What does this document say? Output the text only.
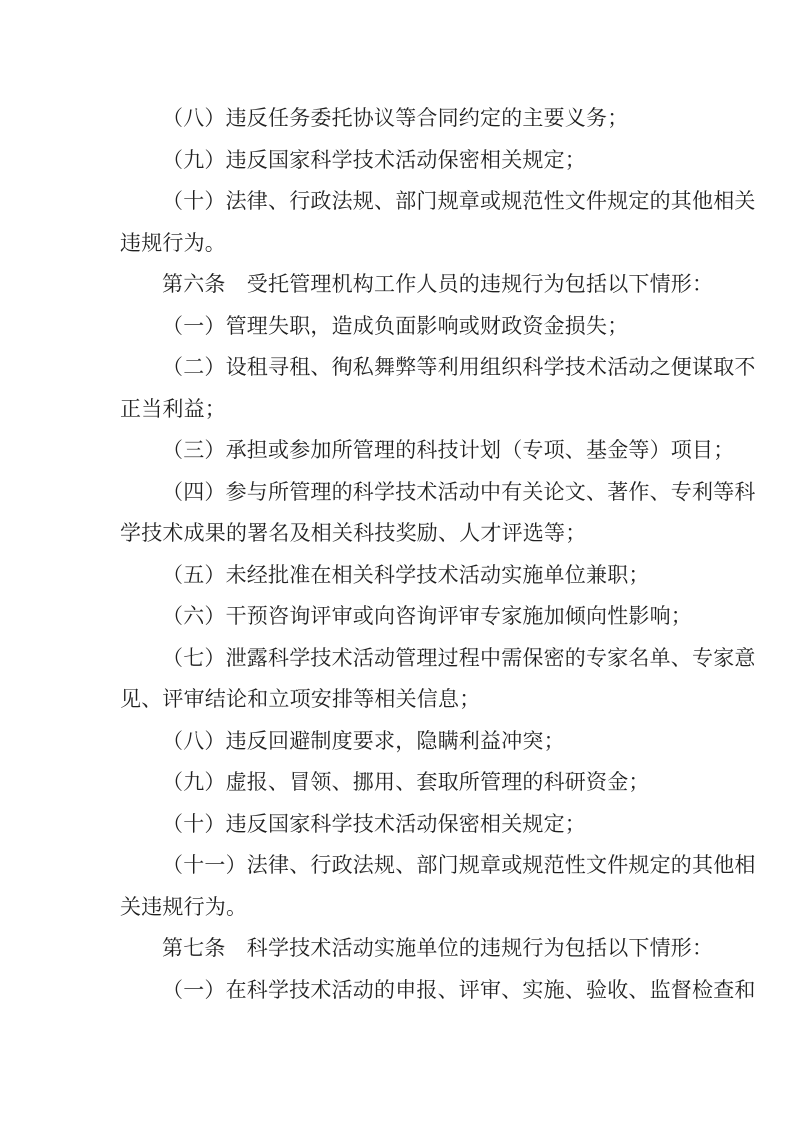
（八）违反任务委托协议等合同约定的主要义务；

（九）违反国家科学技术活动保密相关规定；

（十）法律、行政法规、部门规章或规范性文件规定的其他相关
违规行为。

第六条　受托管理机构工作人员的违规行为包括以下情形：

（一）管理失职，造成负面影响或财政资金损失；

（二）设租寻租、徇私舞弊等利用组织科学技术活动之便谋取不
正当利益；

（三）承担或参加所管理的科技计划（专项、基金等）项目；

（四）参与所管理的科学技术活动中有关论文、著作、专利等科
学技术成果的署名及相关科技奖励、人才评选等；

（五）未经批准在相关科学技术活动实施单位兼职；

（六）干预咨询评审或向咨询评审专家施加倾向性影响；

（七）泄露科学技术活动管理过程中需保密的专家名单、专家意
见、评审结论和立项安排等相关信息；

（八）违反回避制度要求，隐瞒利益冲突；

（九）虚报、冒领、挪用、套取所管理的科研资金；

（十）违反国家科学技术活动保密相关规定；

（十一）法律、行政法规、部门规章或规范性文件规定的其他相
关违规行为。

第七条　科学技术活动实施单位的违规行为包括以下情形：

（一）在科学技术活动的申报、评审、实施、验收、监督检查和
